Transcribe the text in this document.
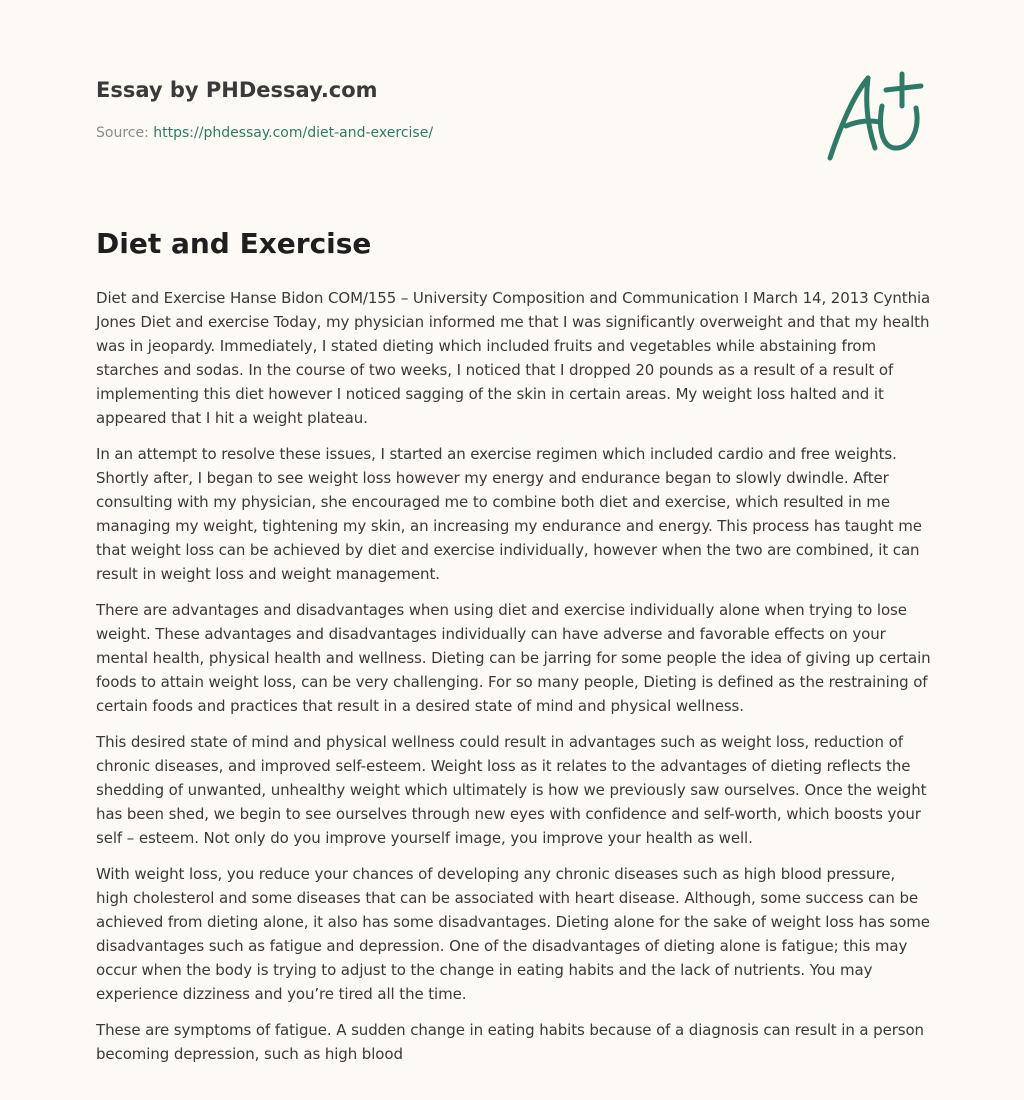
Essay by PHDessay.com
Source: https://phdessay.com/diet-and-exercise/
Diet and Exercise

Diet and Exercise Hanse Bidon COM/155 – University Composition and Communication I March 14, 2013 Cynthia Jones Diet and exercise Today, my physician informed me that I was significantly overweight and that my health was in jeopardy. Immediately, I stated dieting which included fruits and vegetables while abstaining from starches and sodas. In the course of two weeks, I noticed that I dropped 20 pounds as a result of a result of implementing this diet however I noticed sagging of the skin in certain areas. My weight loss halted and it appeared that I hit a weight plateau.

In an attempt to resolve these issues, I started an exercise regimen which included cardio and free weights. Shortly after, I began to see weight loss however my energy and endurance began to slowly dwindle. After consulting with my physician, she encouraged me to combine both diet and exercise, which resulted in me managing my weight, tightening my skin, an increasing my endurance and energy. This process has taught me that weight loss can be achieved by diet and exercise individually, however when the two are combined, it can result in weight loss and weight management.

There are advantages and disadvantages when using diet and exercise individually alone when trying to lose weight. These advantages and disadvantages individually can have adverse and favorable effects on your mental health, physical health and wellness. Dieting can be jarring for some people the idea of giving up certain foods to attain weight loss, can be very challenging. For so many people, Dieting is defined as the restraining of certain foods and practices that result in a desired state of mind and physical wellness.

This desired state of mind and physical wellness could result in advantages such as weight loss, reduction of chronic diseases, and improved self-esteem. Weight loss as it relates to the advantages of dieting reflects the shedding of unwanted, unhealthy weight which ultimately is how we previously saw ourselves. Once the weight has been shed, we begin to see ourselves through new eyes with confidence and self-worth, which boosts your self – esteem. Not only do you improve yourself image, you improve your health as well.

With weight loss, you reduce your chances of developing any chronic diseases such as high blood pressure, high cholesterol and some diseases that can be associated with heart disease. Although, some success can be achieved from dieting alone, it also has some disadvantages. Dieting alone for the sake of weight loss has some disadvantages such as fatigue and depression. One of the disadvantages of dieting alone is fatigue; this may occur when the body is trying to adjust to the change in eating habits and the lack of nutrients. You may experience dizziness and you’re tired all the time.

These are symptoms of fatigue. A sudden change in eating habits because of a diagnosis can result in a person becoming depression, such as high blood
